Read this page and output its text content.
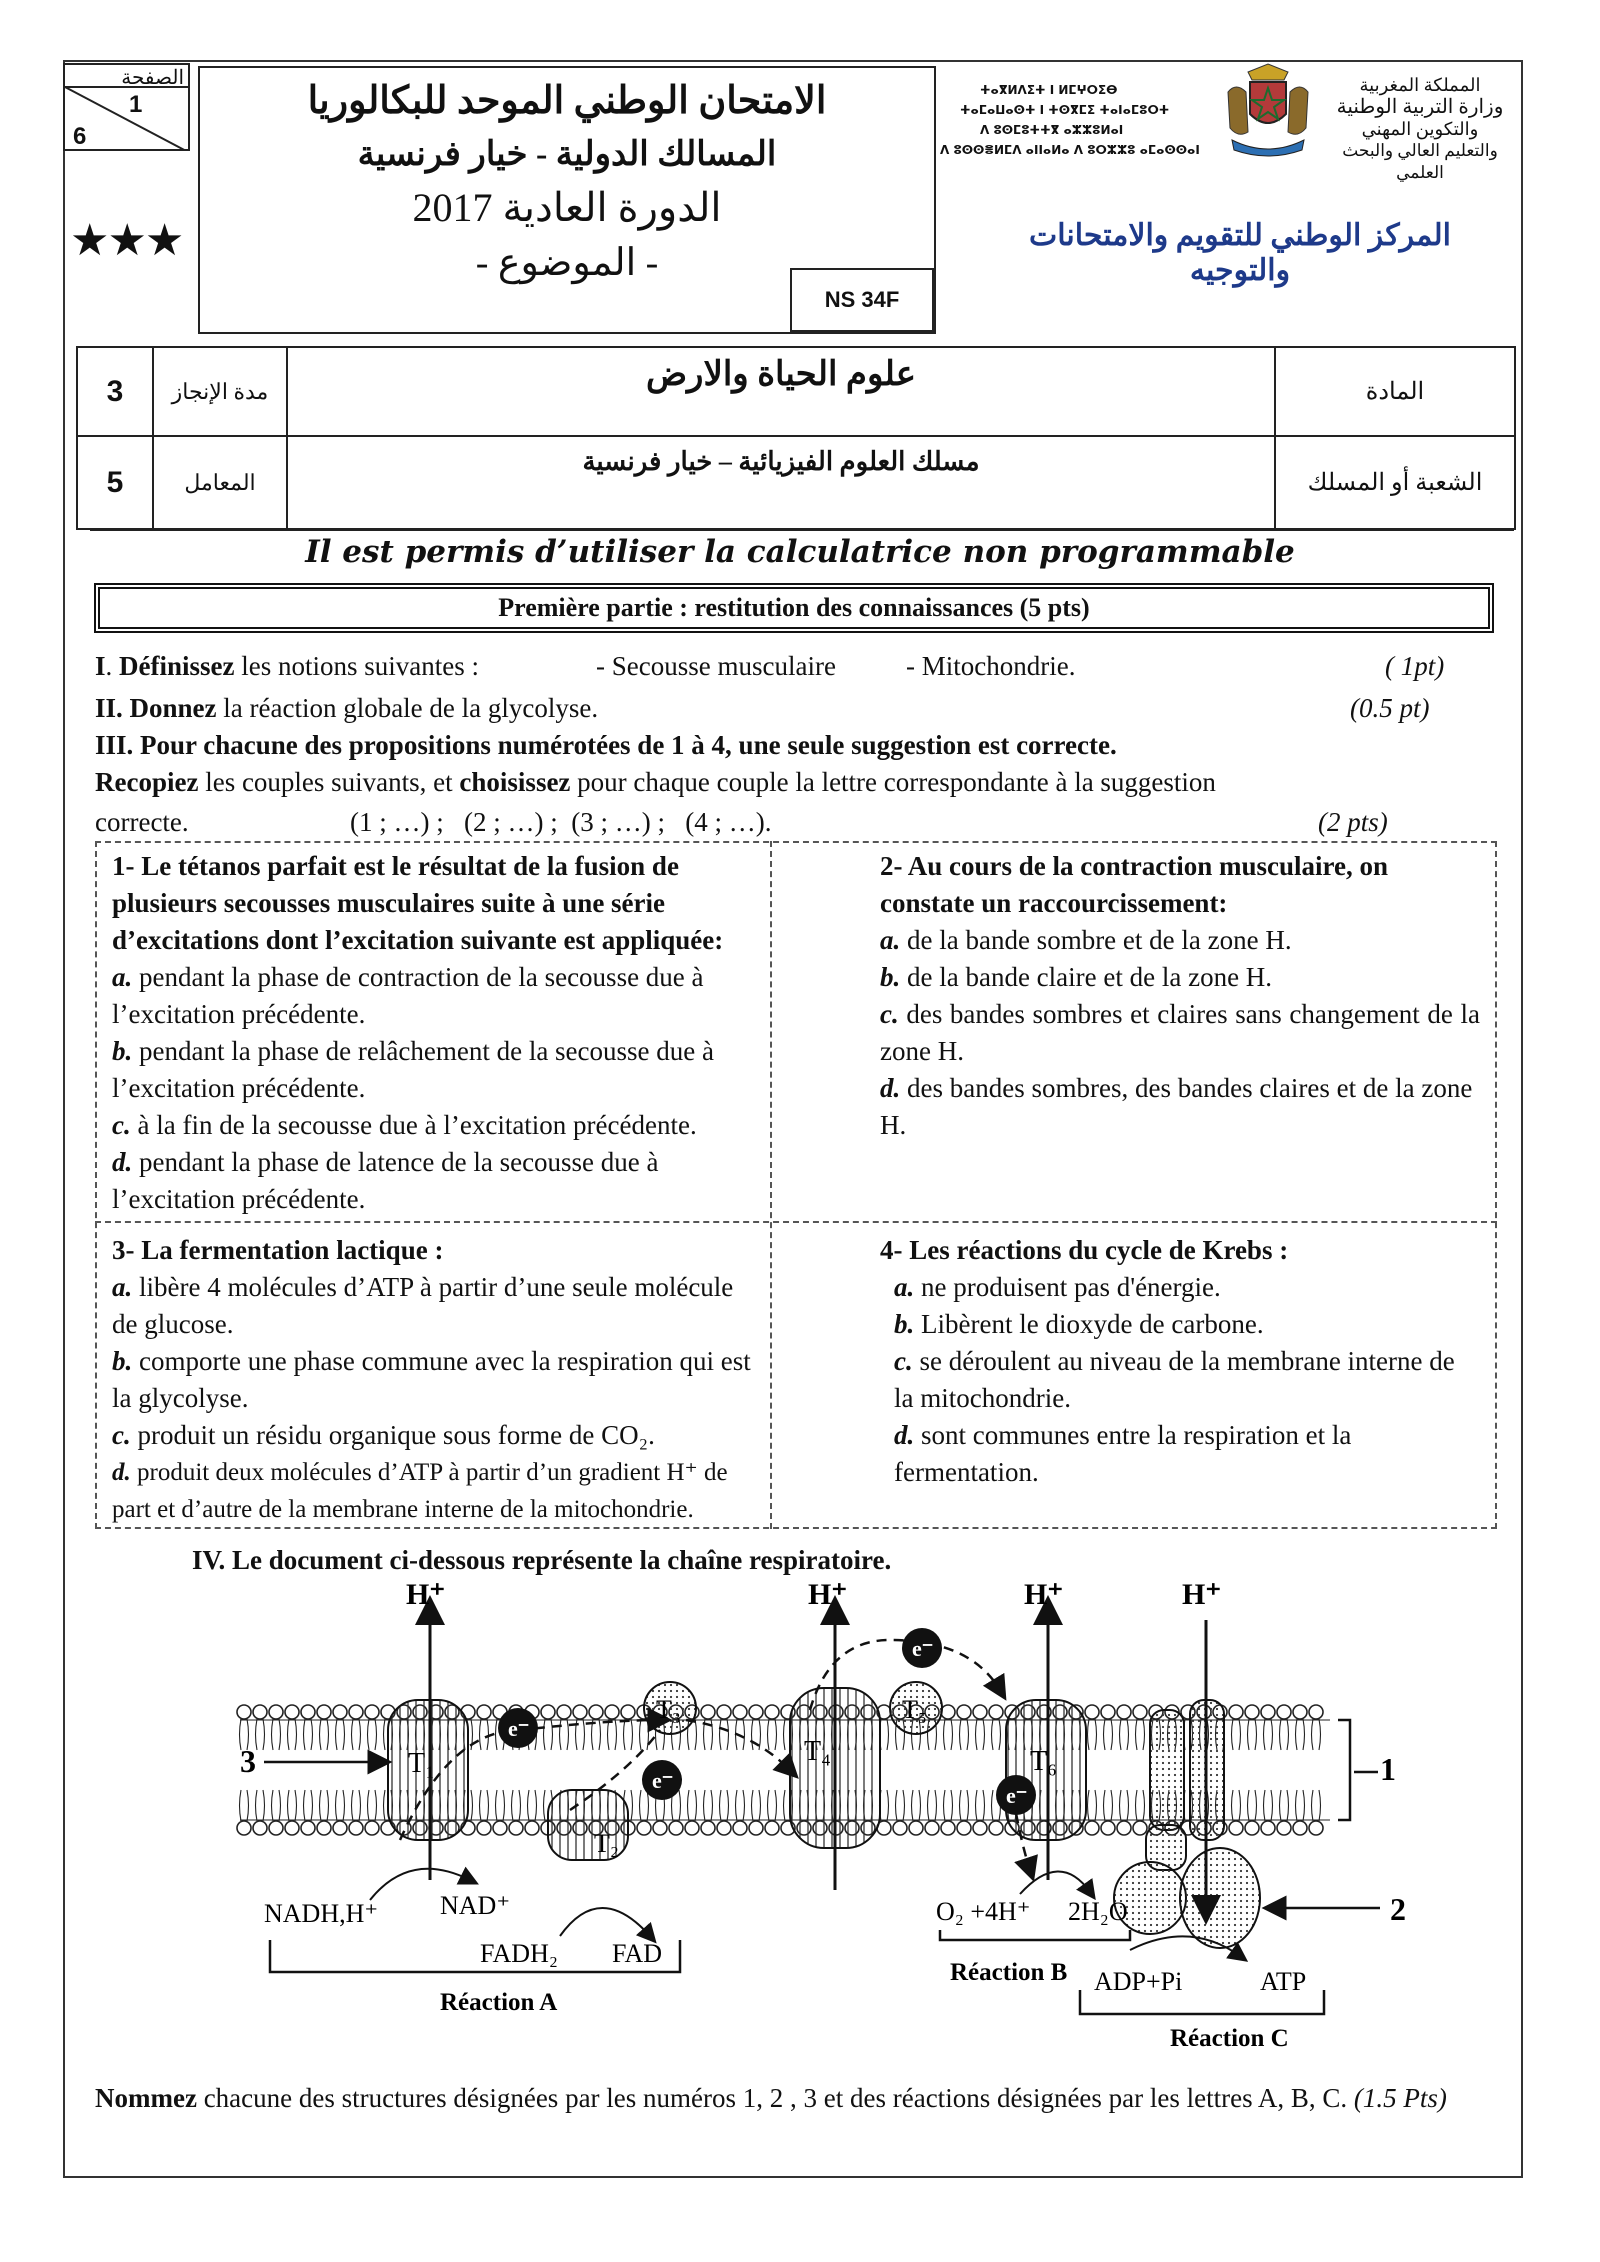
الصفحة
1
6
★★★
الامتحان الوطني الموحد للبكالوريا
المسالك الدولية - خيار فرنسية
الدورة العادية 2017
- الموضوع -
NS 34F
ⵜⴰⴳⵍⴷⵉⵜ ⵏ ⵍⵎⵖⵔⵉⴱ
ⵜⴰⵎⴰⵡⴰⵙⵜ ⵏ ⵜⵙⴳⵎⵉ ⵜⴰⵏⴰⵎⵓⵔⵜ
ⴷ ⵓⵙⵎⵓⵜⵜⴳ ⴰⵣⵣⵓⵍⴰⵏ
ⴷ ⵓⵙⵙⴻⵍⵎⴷ ⴰⵏⵏⴰⵍⴰ ⴷ ⵓⵔⵣⵣⵓ ⴰⵎⴰⵙⵙⴰⵏ
المملكة المغربية
وزارة التربية الوطنية
والتكوين المهني
والتعليم العالي والبحث العلمي
المركز الوطني للتقويم والامتحانات والتوجيه
3	مدة الإنجاز	علوم الحياة والارض	المادة
5	المعامل	مسلك العلوم الفيزيائية – خيار فرنسية	الشعبة أو المسلك
Il est permis d’utiliser la calculatrice non programmable
Première partie : restitution des connaissances (5 pts)
I. Définissez les notions suivantes :	- Secousse musculaire	- Mitochondrie.	( 1pt)
II. Donnez la réaction globale de la glycolyse.	(0.5 pt)
III. Pour chacune des propositions numérotées de 1 à 4, une seule suggestion est correcte.
Recopiez les couples suivants, et choisissez pour chaque couple la lettre correspondante à la suggestion
correcte.	(1 ; …) ;   (2 ; …) ;  (3 ; …) ;   (4 ; …).	(2 pts)
1- Le tétanos parfait est le résultat de la fusion de plusieurs secousses musculaires suite à une série d’excitations dont l’excitation suivante est appliquée:
a. pendant la phase de contraction de la secousse due à l’excitation précédente.
b. pendant la phase de relâchement de la secousse due à l’excitation précédente.
c. à la fin de la secousse due à l’excitation précédente.
d. pendant la phase de latence de la secousse due à l’excitation précédente.
2- Au cours de la contraction musculaire, on constate un raccourcissement:
a. de la bande sombre et de la zone H.
b. de la bande claire et de la zone H.
c. des bandes sombres et claires sans changement de la zone H.
d. des bandes sombres, des bandes claires et de la zone H.
3- La fermentation lactique :
a. libère 4 molécules d’ATP à partir d’une seule molécule de glucose.
b. comporte une phase commune avec la respiration qui est la glycolyse.
c. produit un résidu organique sous forme de CO₂.
d. produit deux molécules d’ATP à partir d’un gradient H⁺ de part et d’autre de la membrane interne de la mitochondrie.
4- Les réactions du cycle de Krebs :
a. ne produisent pas d'énergie.
b. Libèrent le dioxyde de carbone.
c. se déroulent au niveau de la membrane interne de la mitochondrie.
d. sont communes entre la respiration et la fermentation.
IV. Le document ci-dessous représente la chaîne respiratoire.
H⁺	H⁺	H⁺	H⁺
e⁻
e⁻
e⁻
e⁻
T₁
T₂
T₃
T₄
T₅
T₆
3	1
2
NADH,H⁺ NAD⁺
FADH₂ FAD
Réaction A
O₂ +4H⁺ 2H₂O
Réaction B ADP+Pi	ATP
Réaction C
Nommez chacune des structures désignées par les numéros 1, 2 , 3 et des réactions désignées par les lettres A, B, C. (1.5 Pts)
